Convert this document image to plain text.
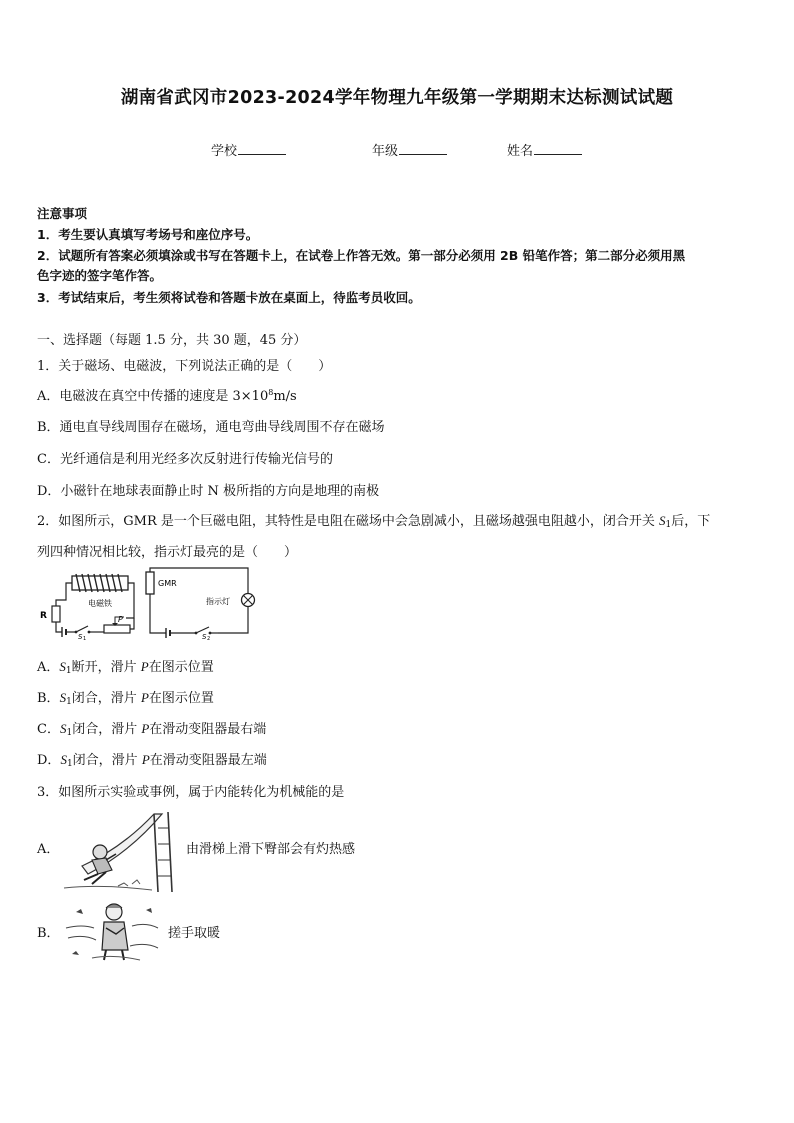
湖南省武冈市2023-2024学年物理九年级第一学期期末达标测试试题
学校	年级	姓名
注意事项
1．考生要认真填写考场号和座位序号。
2．试题所有答案必须填涂或书写在答题卡上，在试卷上作答无效。第一部分必须用 2B 铅笔作答；第二部分必须用黑
色字迹的签字笔作答。
3．考试结束后，考生须将试卷和答题卡放在桌面上，待监考员收回。
一、选择题（每题 1.5 分，共 30 题，45 分）
1．关于磁场、电磁波，下列说法正确的是（　　）
A．电磁波在真空中传播的速度是 $3\times 10^8m/s$
B．通电直导线周围存在磁场，通电弯曲导线周围不存在磁场
C．光纤通信是利用光经多次反射进行传输光信号的
D．小磁针在地球表面静止时 N 极所指的方向是地理的南极
2．如图所示，GMR 是一个巨磁电阻，其特性是电阻在磁场中会急剧减小，且磁场越强电阻越小，闭合开关 $S_1$后，下
列四种情况相比较，指示灯最亮的是（　　）
电磁铁
R
S 1
P
GMR
指示灯
S 2
A．$S_1$断开，滑片 P在图示位置
B．$S_1$闭合，滑片 P在图示位置
C．$S_1$闭合，滑片 P在滑动变阻器最右端
D．$S_1$闭合，滑片 P在滑动变阻器最左端
3．如图所示实验或事例，属于内能转化为机械能的是
A．	由滑梯上滑下臀部会有灼热感
B．	搓手取暖
